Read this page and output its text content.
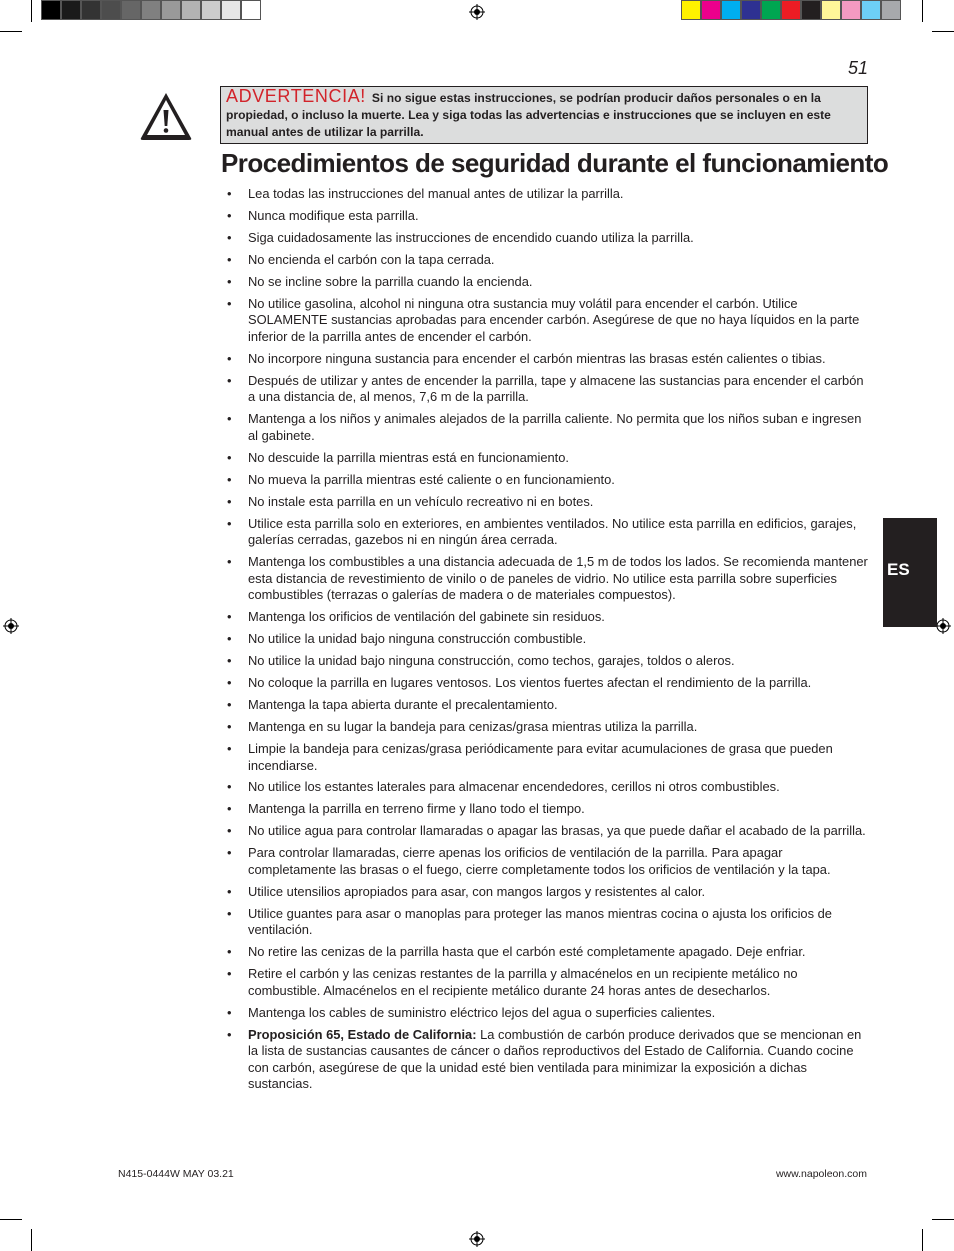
51
ADVERTENCIA! Si no sigue estas instrucciones, se podrían producir daños personales o en la propiedad, o incluso la muerte. Lea y siga todas las advertencias e instrucciones que se incluyen en este manual antes de utilizar la parrilla.
Procedimientos de seguridad durante el funcionamiento
• Lea todas las instrucciones del manual antes de utilizar la parrilla.
• Nunca modifique esta parrilla.
• Siga cuidadosamente las instrucciones de encendido cuando utiliza la parrilla.
• No encienda el carbón con la tapa cerrada.
• No se incline sobre la parrilla cuando la encienda.
• No utilice gasolina, alcohol ni ninguna otra sustancia muy volátil para encender el carbón. Utilice SOLAMENTE sustancias aprobadas para encender carbón. Asegúrese de que no haya líquidos en la parte inferior de la parrilla antes de encender el carbón.
• No incorpore ninguna sustancia para encender el carbón mientras las brasas estén calientes o tibias.
• Después de utilizar y antes de encender la parrilla, tape y almacene las sustancias para encender el carbón a una distancia de, al menos, 7,6 m de la parrilla.
• Mantenga a los niños y animales alejados de la parrilla caliente. No permita que los niños suban e ingresen al gabinete.
• No descuide la parrilla mientras está en funcionamiento.
• No mueva la parrilla mientras esté caliente o en funcionamiento.
• No instale esta parrilla en un vehículo recreativo ni en botes.
• Utilice esta parrilla solo en exteriores, en ambientes ventilados. No utilice esta parrilla en edificios, garajes, galerías cerradas, gazebos ni en ningún área cerrada.
• Mantenga los combustibles a una distancia adecuada de 1,5 m de todos los lados. Se recomienda mantener esta distancia de revestimiento de vinilo o de paneles de vidrio. No utilice esta parrilla sobre superficies combustibles (terrazas o galerías de madera o de materiales compuestos).
• Mantenga los orificios de ventilación del gabinete sin residuos.
• No utilice la unidad bajo ninguna construcción combustible.
• No utilice la unidad bajo ninguna construcción, como techos, garajes, toldos o aleros.
• No coloque la parrilla en lugares ventosos. Los vientos fuertes afectan el rendimiento de la parrilla.
• Mantenga la tapa abierta durante el precalentamiento.
• Mantenga en su lugar la bandeja para cenizas/grasa mientras utiliza la parrilla.
• Limpie la bandeja para cenizas/grasa periódicamente para evitar acumulaciones de grasa que pueden incendiarse.
• No utilice los estantes laterales para almacenar encendedores, cerillos ni otros combustibles.
• Mantenga la parrilla en terreno firme y llano todo el tiempo.
• No utilice agua para controlar llamaradas o apagar las brasas, ya que puede dañar el acabado de la parrilla.
• Para controlar llamaradas, cierre apenas los orificios de ventilación de la parrilla. Para apagar completamente las brasas o el fuego, cierre completamente todos los orificios de ventilación y la tapa.
• Utilice utensilios apropiados para asar, con mangos largos y resistentes al calor.
• Utilice guantes para asar o manoplas para proteger las manos mientras cocina o ajusta los orificios de ventilación.
• No retire las cenizas de la parrilla hasta que el carbón esté completamente apagado. Deje enfriar.
• Retire el carbón y las cenizas restantes de la parrilla y almacénelos en un recipiente metálico no combustible. Almacénelos en el recipiente metálico durante 24 horas antes de desecharlos.
• Mantenga los cables de suministro eléctrico lejos del agua o superficies calientes.
• Proposición 65, Estado de California: La combustión de carbón produce derivados que se mencionan en la lista de sustancias causantes de cáncer o daños reproductivos del Estado de California. Cuando cocine con carbón, asegúrese de que la unidad esté bien ventilada para minimizar la exposición a dichas sustancias.
ES
N415-0444W MAY 03.21	www.napoleon.com
